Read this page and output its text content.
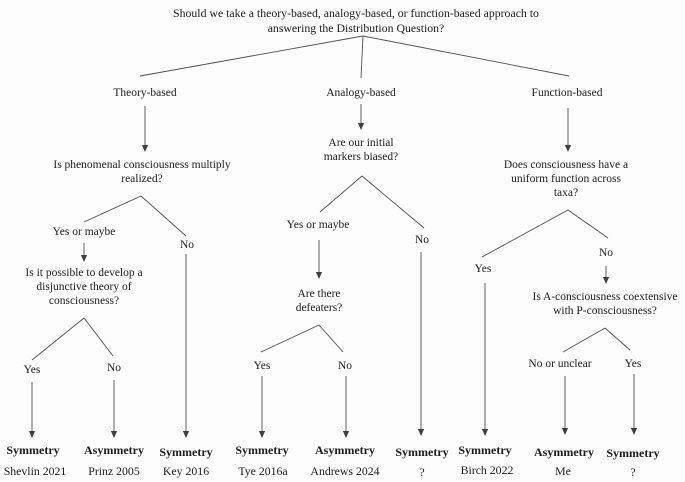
Should we take a theory-based, analogy-based, or function-based approach to
answering the Distribution Question?
Theory-based	Analogy-based	Function-based
Is phenomenal consciousness multiply realized?
Yes or maybe
No
Is it possible to develop a disjunctive theory of consciousness?
Yes	No
Are our initial markers biased?
Yes or maybe
No
Are there defeaters?
Yes	No
Does consciousness have a uniform function across taxa?
Yes
No
Is A-consciousness coextensive with P-consciousness?
No or unclear	Yes
Symmetry Asymmetry Symmetry Symmetry Asymmetry Symmetry Symmetry Asymmetry Symmetry
Shevlin 2021 Prinz 2005 Key 2016 Tye 2016a Andrews 2024	?	Birch 2022	Me	?
